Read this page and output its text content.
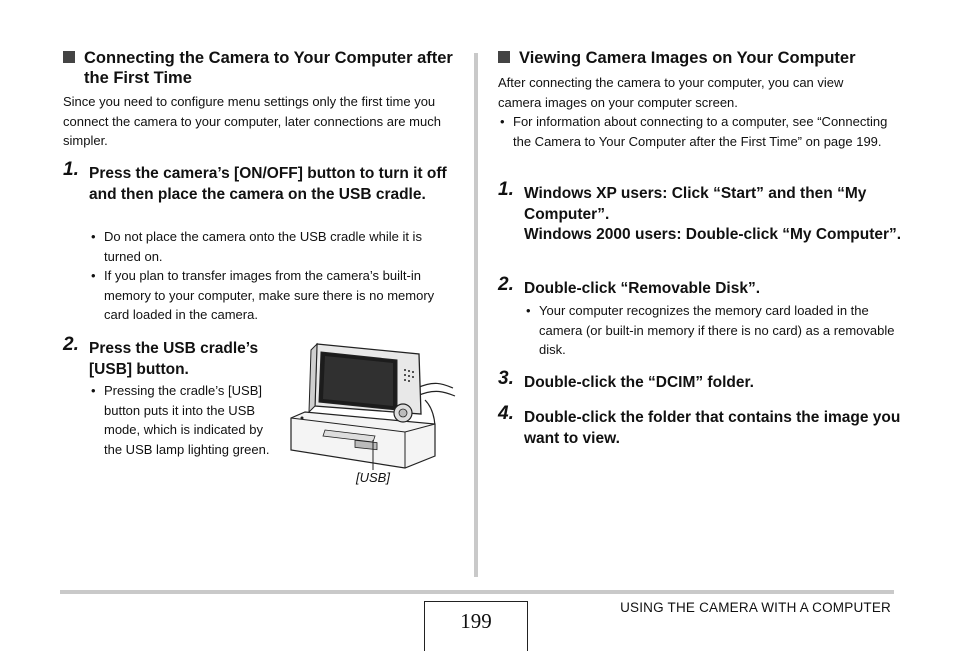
Connecting the Camera to Your Computer after the First Time
Since you need to configure menu settings only the first time you connect the camera to your computer, later connections are much simpler.
1. Press the camera’s [ON/OFF] button to turn it off and then place the camera on the USB cradle.
• Do not place the camera onto the USB cradle while it is turned on.
• If you plan to transfer images from the camera’s built-in memory to your computer, make sure there is no memory card loaded in the camera.
2. Press the USB cradle’s [USB] button.
• Pressing the cradle’s [USB] button puts it into the USB mode, which is indicated by the USB lamp lighting green.
[USB]
Viewing Camera Images on Your Computer
After connecting the camera to your computer, you can view camera images on your computer screen.
• For information about connecting to a computer, see “Connecting the Camera to Your Computer after the First Time” on page 199.
1. Windows XP users: Click “Start” and then “My Computer”.
Windows 2000 users: Double-click “My Computer”.
2. Double-click “Removable Disk”.
• Your computer recognizes the memory card loaded in the camera (or built-in memory if there is no card) as a removable disk.
3. Double-click the “DCIM” folder.
4. Double-click the folder that contains the image you want to view.
199
USING THE CAMERA WITH A COMPUTER
